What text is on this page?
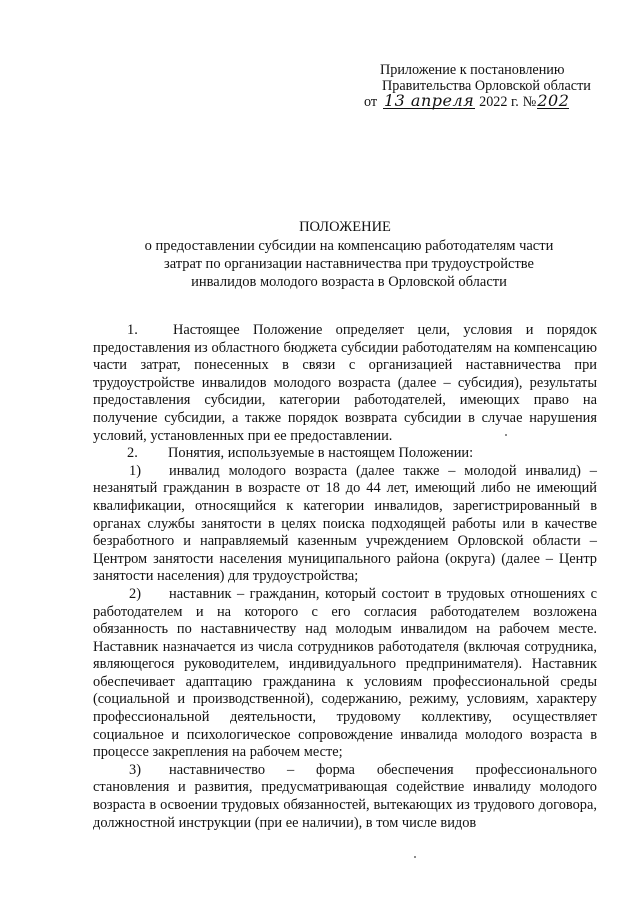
Приложение к постановлению
Правительства Орловской области
от 13 апреля 2022 г. № 202
ПОЛОЖЕНИЕ
о предоставлении субсидии на компенсацию работодателям части затрат по организации наставничества при трудоустройстве инвалидов молодого возраста в Орловской области

1. Настоящее Положение определяет цели, условия и порядок предоставления из областного бюджета субсидии работодателям на компенсацию части затрат, понесенных в связи с организацией наставничества при трудоустройстве инвалидов молодого возраста (далее – субсидия), результаты предоставления субсидии, категории работодателей, имеющих право на получение субсидии, а также порядок возврата субсидии в случае нарушения условий, установленных при ее предоставлении.

2. Понятия, используемые в настоящем Положении:

1) инвалид молодого возраста (далее также – молодой инвалид) – незанятый гражданин в возрасте от 18 до 44 лет, имеющий либо не имеющий квалификации, относящийся к категории инвалидов, зарегистрированный в органах службы занятости в целях поиска подходящей работы или в качестве безработного и направляемый казенным учреждением Орловской области – Центром занятости населения муниципального района (округа) (далее – Центр занятости населения) для трудоустройства;

2) наставник – гражданин, который состоит в трудовых отношениях с работодателем и на которого с его согласия работодателем возложена обязанность по наставничеству над молодым инвалидом на рабочем месте. Наставник назначается из числа сотрудников работодателя (включая сотрудника, являющегося руководителем, индивидуального предпринимателя). Наставник обеспечивает адаптацию гражданина к условиям профессиональной среды (социальной и производственной), содержанию, режиму, условиям, характеру профессиональной деятельности, трудовому коллективу, осуществляет социальное и психологическое сопровождение инвалида молодого возраста в процессе закрепления на рабочем месте;

3) наставничество – форма обеспечения профессионального становления и развития, предусматривающая содействие инвалиду молодого возраста в освоении трудовых обязанностей, вытекающих из трудового договора, должностной инструкции (при ее наличии), в том числе видов
